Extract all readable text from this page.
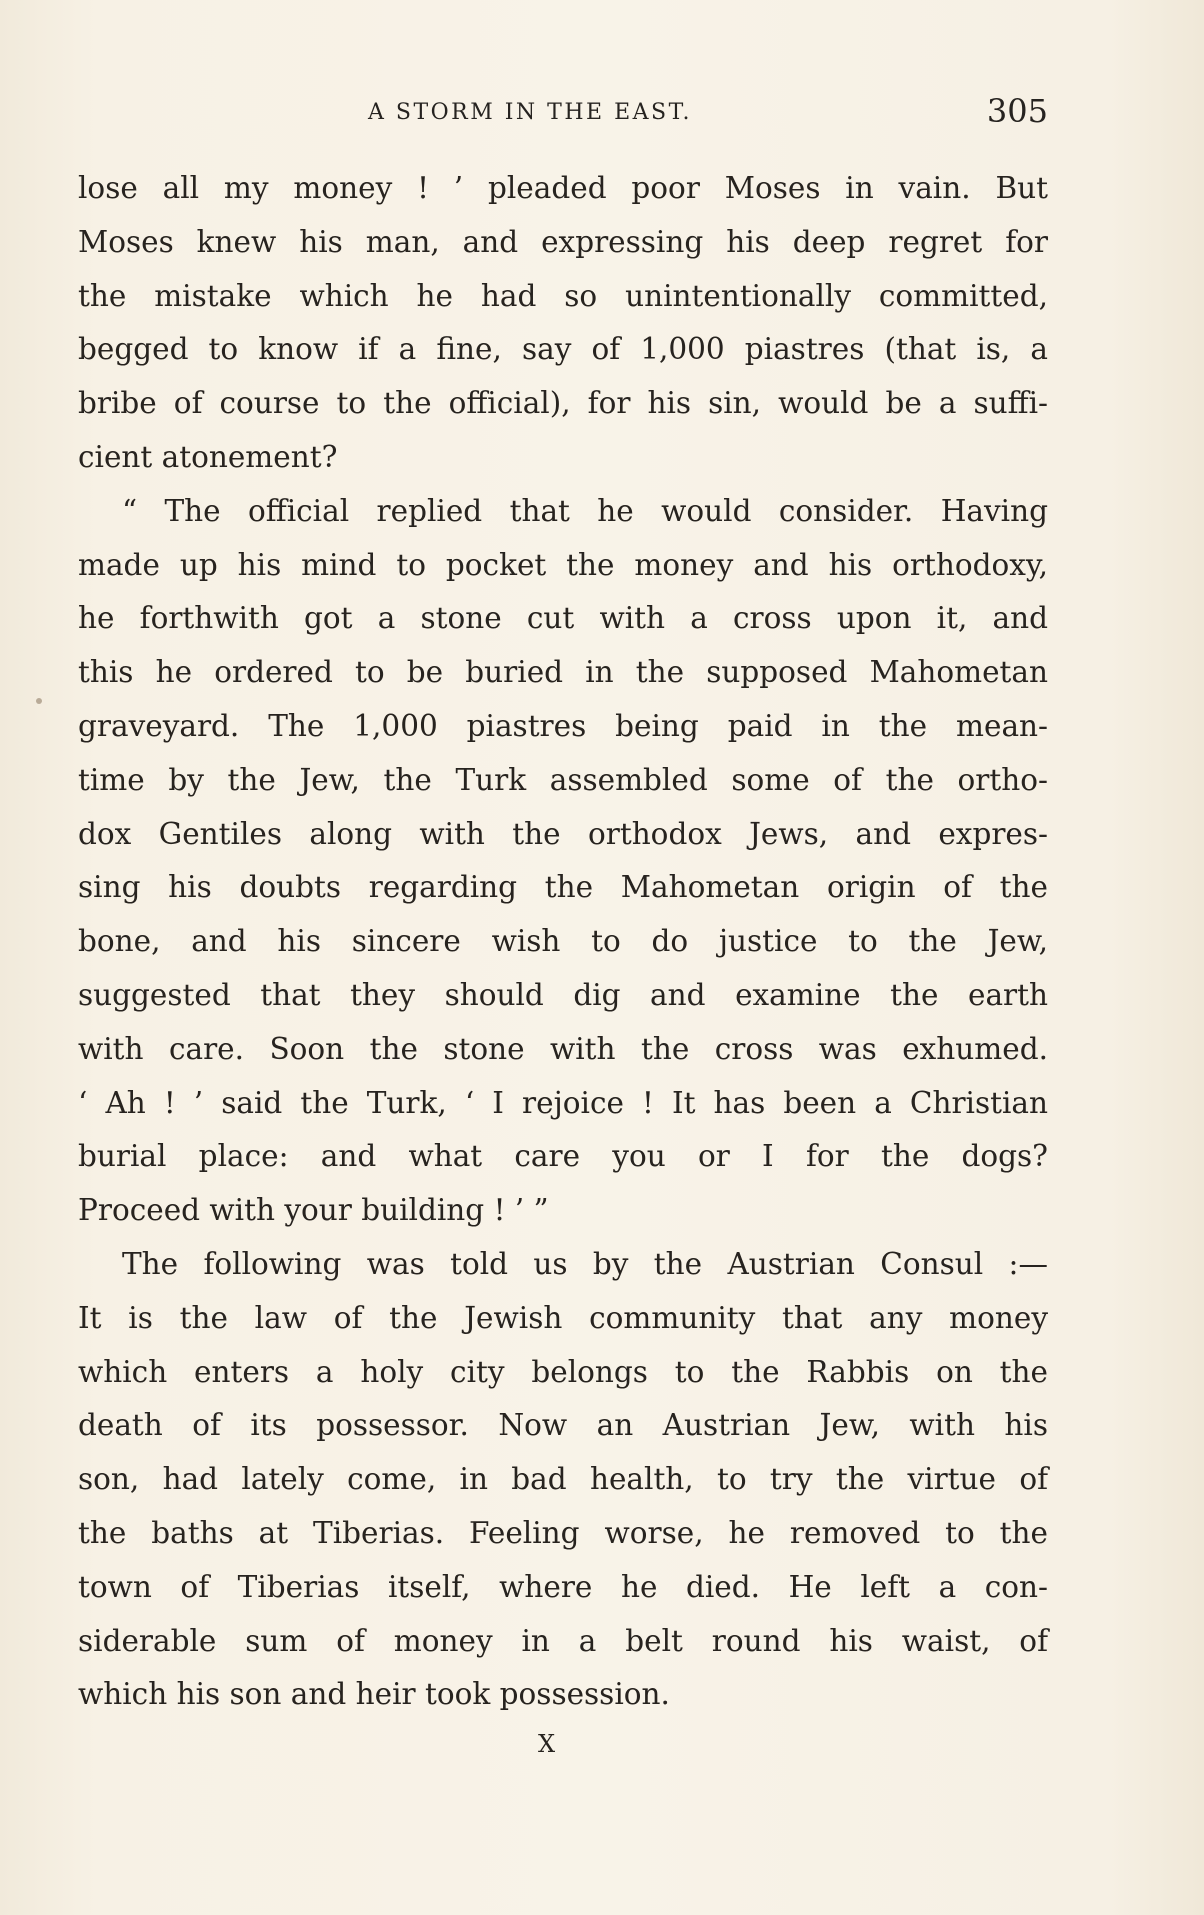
A STORM IN THE EAST.	305
lose all my money ! ’ pleaded poor Moses in vain. But
Moses knew his man, and expressing his deep regret for
the mistake which he had so unintentionally committed,
begged to know if a fine, say of 1,000 piastres (that is, a
bribe of course to the official), for his sin, would be a suffi-
cient atonement?
“ The official replied that he would consider. Having
made up his mind to pocket the money and his orthodoxy,
he forthwith got a stone cut with a cross upon it, and
this he ordered to be buried in the supposed Mahometan
graveyard. The 1,000 piastres being paid in the mean-
time by the Jew, the Turk assembled some of the ortho-
dox Gentiles along with the orthodox Jews, and expres-
sing his doubts regarding the Mahometan origin of the
bone, and his sincere wish to do justice to the Jew,
suggested that they should dig and examine the earth
with care. Soon the stone with the cross was exhumed.
‘ Ah ! ’ said the Turk, ‘ I rejoice ! It has been a Christian
burial place: and what care you or I for the dogs?
Proceed with your building ! ’ ”
The following was told us by the Austrian Consul :—
It is the law of the Jewish community that any money
which enters a holy city belongs to the Rabbis on the
death of its possessor. Now an Austrian Jew, with his
son, had lately come, in bad health, to try the virtue of
the baths at Tiberias. Feeling worse, he removed to the
town of Tiberias itself, where he died. He left a con-
siderable sum of money in a belt round his waist, of
which his son and heir took possession.
X
